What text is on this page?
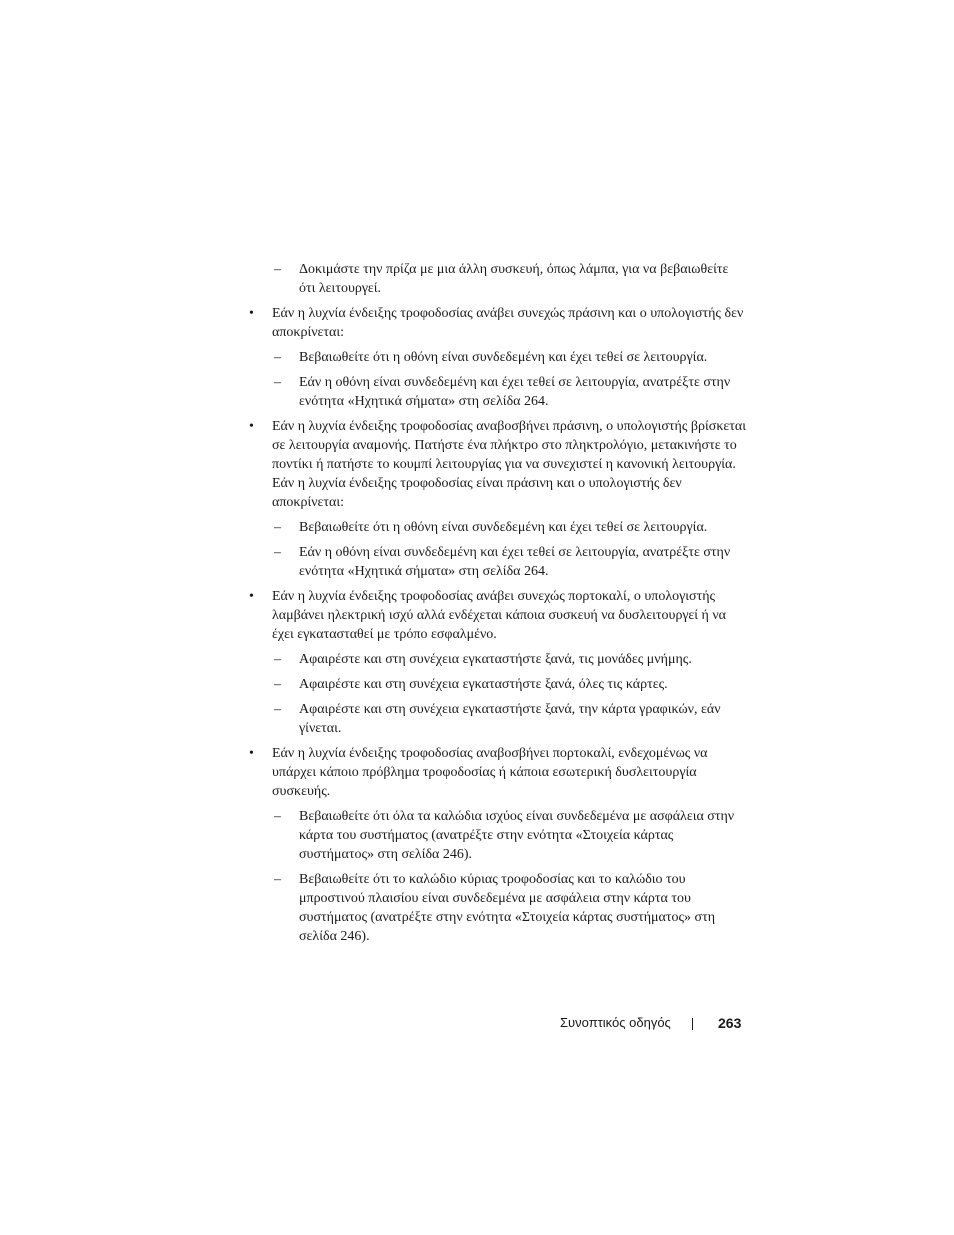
– Δοκιμάστε την πρίζα με μια άλλη συσκευή, όπως λάμπα, για να βεβαιωθείτε ότι λειτουργεί.
• Εάν η λυχνία ένδειξης τροφοδοσίας ανάβει συνεχώς πράσινη και ο υπολογιστής δεν αποκρίνεται:
– Βεβαιωθείτε ότι η οθόνη είναι συνδεδεμένη και έχει τεθεί σε λειτουργία.
– Εάν η οθόνη είναι συνδεδεμένη και έχει τεθεί σε λειτουργία, ανατρέξτε στην ενότητα «Ηχητικά σήματα» στη σελίδα 264.
• Εάν η λυχνία ένδειξης τροφοδοσίας αναβοσβήνει πράσινη, ο υπολογιστής βρίσκεται σε λειτουργία αναμονής. Πατήστε ένα πλήκτρο στο πληκτρολόγιο, μετακινήστε το ποντίκι ή πατήστε το κουμπί λειτουργίας για να συνεχιστεί η κανονική λειτουργία. Εάν η λυχνία ένδειξης τροφοδοσίας είναι πράσινη και ο υπολογιστής δεν αποκρίνεται:
– Βεβαιωθείτε ότι η οθόνη είναι συνδεδεμένη και έχει τεθεί σε λειτουργία.
– Εάν η οθόνη είναι συνδεδεμένη και έχει τεθεί σε λειτουργία, ανατρέξτε στην ενότητα «Ηχητικά σήματα» στη σελίδα 264.
• Εάν η λυχνία ένδειξης τροφοδοσίας ανάβει συνεχώς πορτοκαλί, ο υπολογιστής λαμβάνει ηλεκτρική ισχύ αλλά ενδέχεται κάποια συσκευή να δυσλειτουργεί ή να έχει εγκατασταθεί με τρόπο εσφαλμένο.
– Αφαιρέστε και στη συνέχεια εγκαταστήστε ξανά, τις μονάδες μνήμης.
– Αφαιρέστε και στη συνέχεια εγκαταστήστε ξανά, όλες τις κάρτες.
– Αφαιρέστε και στη συνέχεια εγκαταστήστε ξανά, την κάρτα γραφικών, εάν γίνεται.
• Εάν η λυχνία ένδειξης τροφοδοσίας αναβοσβήνει πορτοκαλί, ενδεχομένως να υπάρχει κάποιο πρόβλημα τροφοδοσίας ή κάποια εσωτερική δυσλειτουργία συσκευής.
– Βεβαιωθείτε ότι όλα τα καλώδια ισχύος είναι συνδεδεμένα με ασφάλεια στην κάρτα του συστήματος (ανατρέξτε στην ενότητα «Στοιχεία κάρτας συστήματος» στη σελίδα 246).
– Βεβαιωθείτε ότι το καλώδιο κύριας τροφοδοσίας και το καλώδιο του μπροστινού πλαισίου είναι συνδεδεμένα με ασφάλεια στην κάρτα του συστήματος (ανατρέξτε στην ενότητα «Στοιχεία κάρτας συστήματος» στη σελίδα 246).
Συνοπτικός οδηγός	263
